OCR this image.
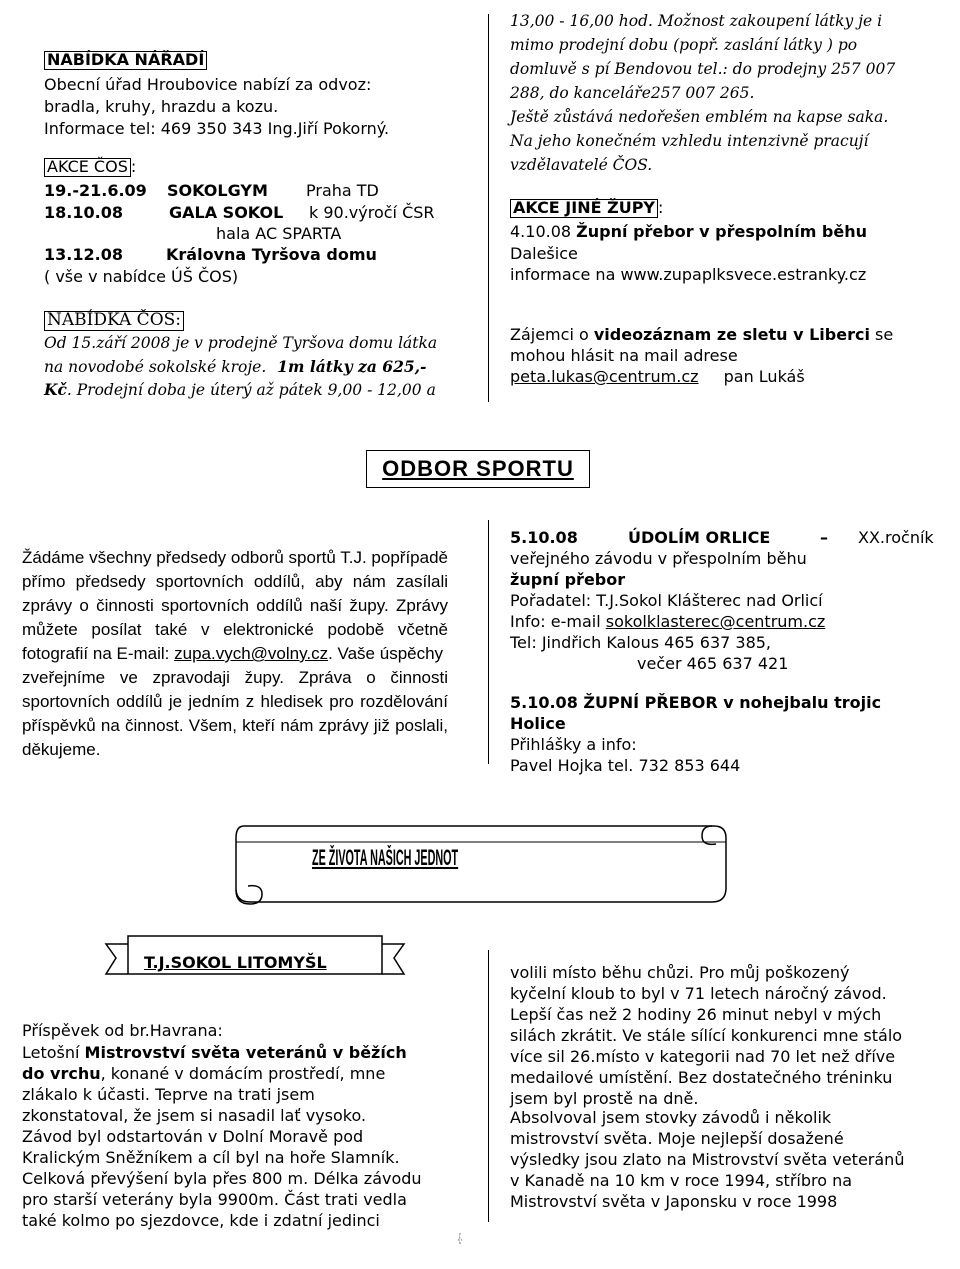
NABÍDKA NÁŘADÍ
Obecní úřad Hroubovice nabízí za odvoz:
bradla, kruhy, hrazdu a kozu.
Informace tel: 469 350 343 Ing.Jiří Pokorný.
AKCE ČOS :
19.-21.6.09 SOKOLGYM Praha TD
18.10.08	GALA SOKOL k 90.výročí ČSR
hala AC SPARTA
13.12.08	Královna Tyršova domu
( vše v nabídce ÚŠ ČOS)
NABÍDKA ČOS:
Od 15.září 2008 je v prodejně Tyršova domu látka
na novodobé sokolské kroje. 1m látky za 625,-
Kč. Prodejní doba je úterý až pátek 9,00 - 12,00 a
13,00 - 16,00 hod. Možnost zakoupení látky je i
mimo prodejní dobu (popř. zaslání látky ) po
domluvě s pí Bendovou tel.: do prodejny 257 007
288, do kanceláře257 007 265.
Ještě zůstává nedořešen emblém na kapse saka.
Na jeho konečném vzhledu intenzivně pracují
vzdělavatelé ČOS.
AKCE JINÉ ŽUPY :
4.10.08 Župní přebor v přespolním běhu
Dalešice
informace na www.zupaplksvece.estranky.cz
Zájemci o videozáznam ze sletu v Liberci se
mohou hlásit na mail adrese
peta.lukas@centrum.cz pan Lukáš
ODBOR SPORTU
Žádáme všechny předsedy odborů sportů T.J. popřípadě
přímo předsedy sportovních oddílů, aby nám zasílali
zprávy o činnosti sportovních oddílů naší župy. Zprávy
můžete posílat také v elektronické podobě včetně
fotografií na E-mail: zupa.vych@volny.cz. Vaše úspěchy
zveřejníme ve zpravodaji župy. Zpráva o činnosti
sportovních oddílů je jedním z hledisek pro rozdělování
příspěvků na činnost. Všem, kteří nám zprávy již poslali,
děkujeme.
5.10.08	ÚDOLÍM ORLICE	– XX.ročník
veřejného závodu v přespolním běhu
župní přebor
Pořadatel: T.J.Sokol Klášterec nad Orlicí
Info: e-mail sokolklasterec@centrum.cz
Tel: Jindřich Kalous 465 637 385,
večer 465 637 421
5.10.08 ŽUPNÍ PŘEBOR v nohejbalu trojic
Holice
Přihlášky a info:
Pavel Hojka tel. 732 853 644
ZE ŽIVOTA NAŠICH JEDNOT
T.J.SOKOL LITOMYŠL
Příspěvek od br.Havrana:
Letošní Mistrovství světa veteránů v běžích
do vrchu, konané v domácím prostředí, mne
zlákalo k účasti. Teprve na trati jsem
zkonstatoval, že jsem si nasadil lať vysoko.
Závod byl odstartován v Dolní Moravě pod
Kralickým Sněžníkem a cíl byl na hoře Slamník.
Celková převýšení byla přes 800 m. Délka závodu
pro starší veterány byla 9900m. Část trati vedla
také kolmo po sjezdovce, kde i zdatní jedinci
volili místo běhu chůzi. Pro můj poškozený
kyčelní kloub to byl v 71 letech náročný závod.
Lepší čas než 2 hodiny 26 minut nebyl v mých
silách zkrátit. Ve stále sílící konkurenci mne stálo
více sil 26.místo v kategorii nad 70 let než dříve
medailové umístění. Bez dostatečného tréninku
jsem byl prostě na dně.
Absolvoval jsem stovky závodů i několik
mistrovství světa. Moje nejlepší dosažené
výsledky jsou zlato na Mistrovství světa veteránů
v Kanadě na 10 km v roce 1994, stříbro na
Mistrovství světa v Japonsku v roce 1998
- 3 -
